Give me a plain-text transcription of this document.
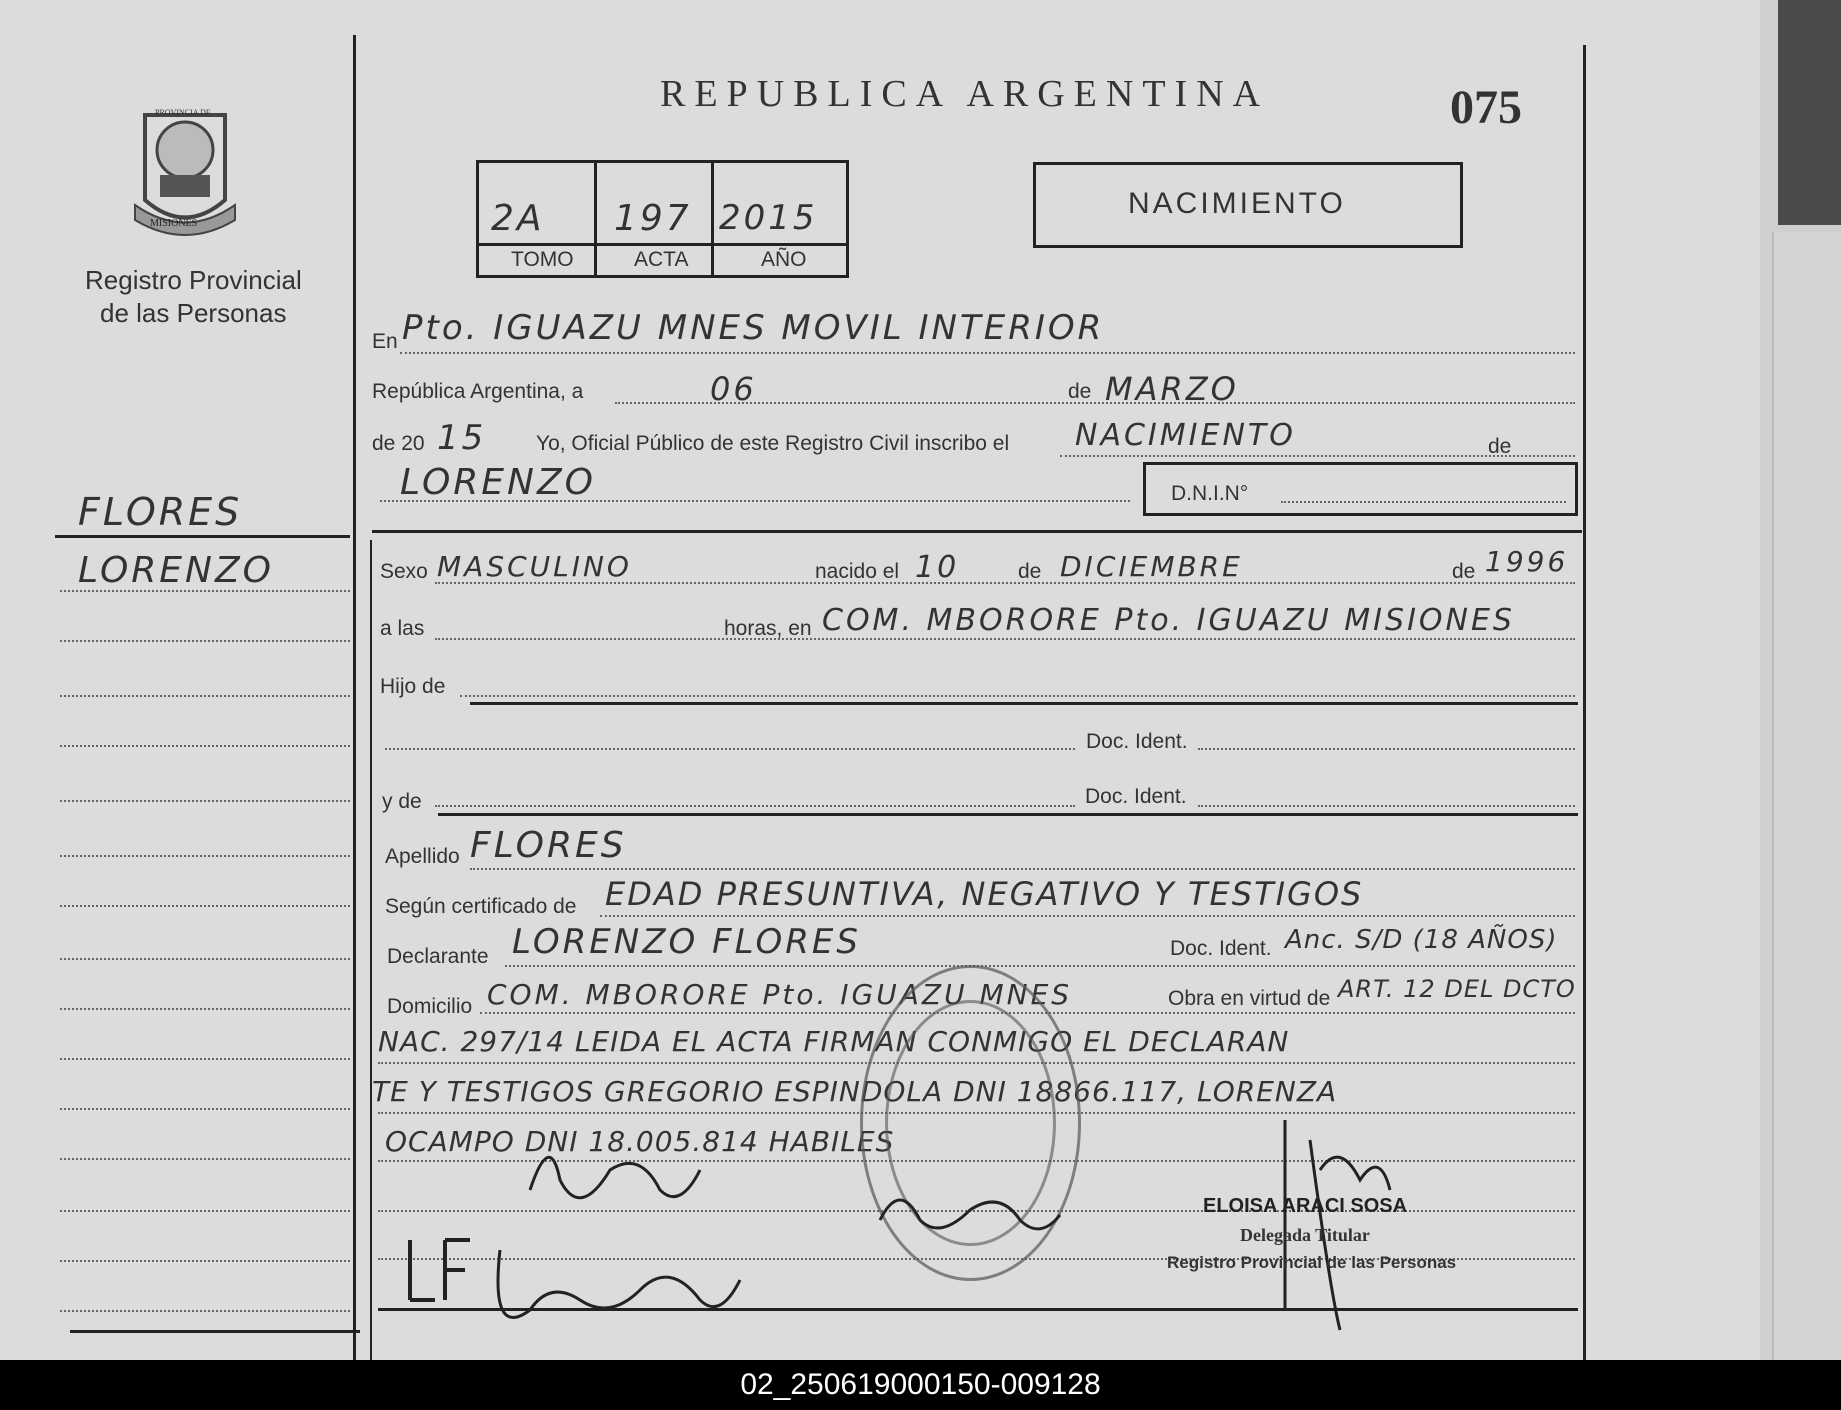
REPUBLICA ARGENTINA	075
PROVINCIA DE
MISIONES
Registro Provincial
de las Personas
2A 197 2015
TOMO	ACTA	AÑO
NACIMIENTO
FLORES
LORENZO
En Pto. IGUAZU MNES MOVIL INTERIOR
República Argentina, a	06	de MARZO
de 20 15 Yo, Oficial Público de este Registro Civil inscribo el NACIMIENTO	de
LORENZO	D.N.I.N°
Sexo MASCULINO	nacido el 10	de DICIEMBRE	de 1996
a las	horas, en COM. MBORORE Pto. IGUAZU MISIONES
Hijo de
Doc. Ident.
y de	Doc. Ident.
Apellido FLORES
Según certificado de EDAD PRESUNTIVA, NEGATIVO Y TESTIGOS
Declarante LORENZO FLORES	Doc. Ident. Anc. S/D (18 AÑOS)
Domicilio COM. MBORORE Pto. IGUAZU MNES	Obra en virtud de ART. 12 DEL DCTO
NAC. 297/14 LEIDA EL ACTA FIRMAN CONMIGO EL DECLARAN
TE Y TESTIGOS GREGORIO ESPINDOLA DNI 18866.117, LORENZA
OCAMPO DNI 18.005.814 HABILES
ELOISA ARACI SOSA
Delegada Titular
Registro Provincial de las Personas
02_250619000150-009128
